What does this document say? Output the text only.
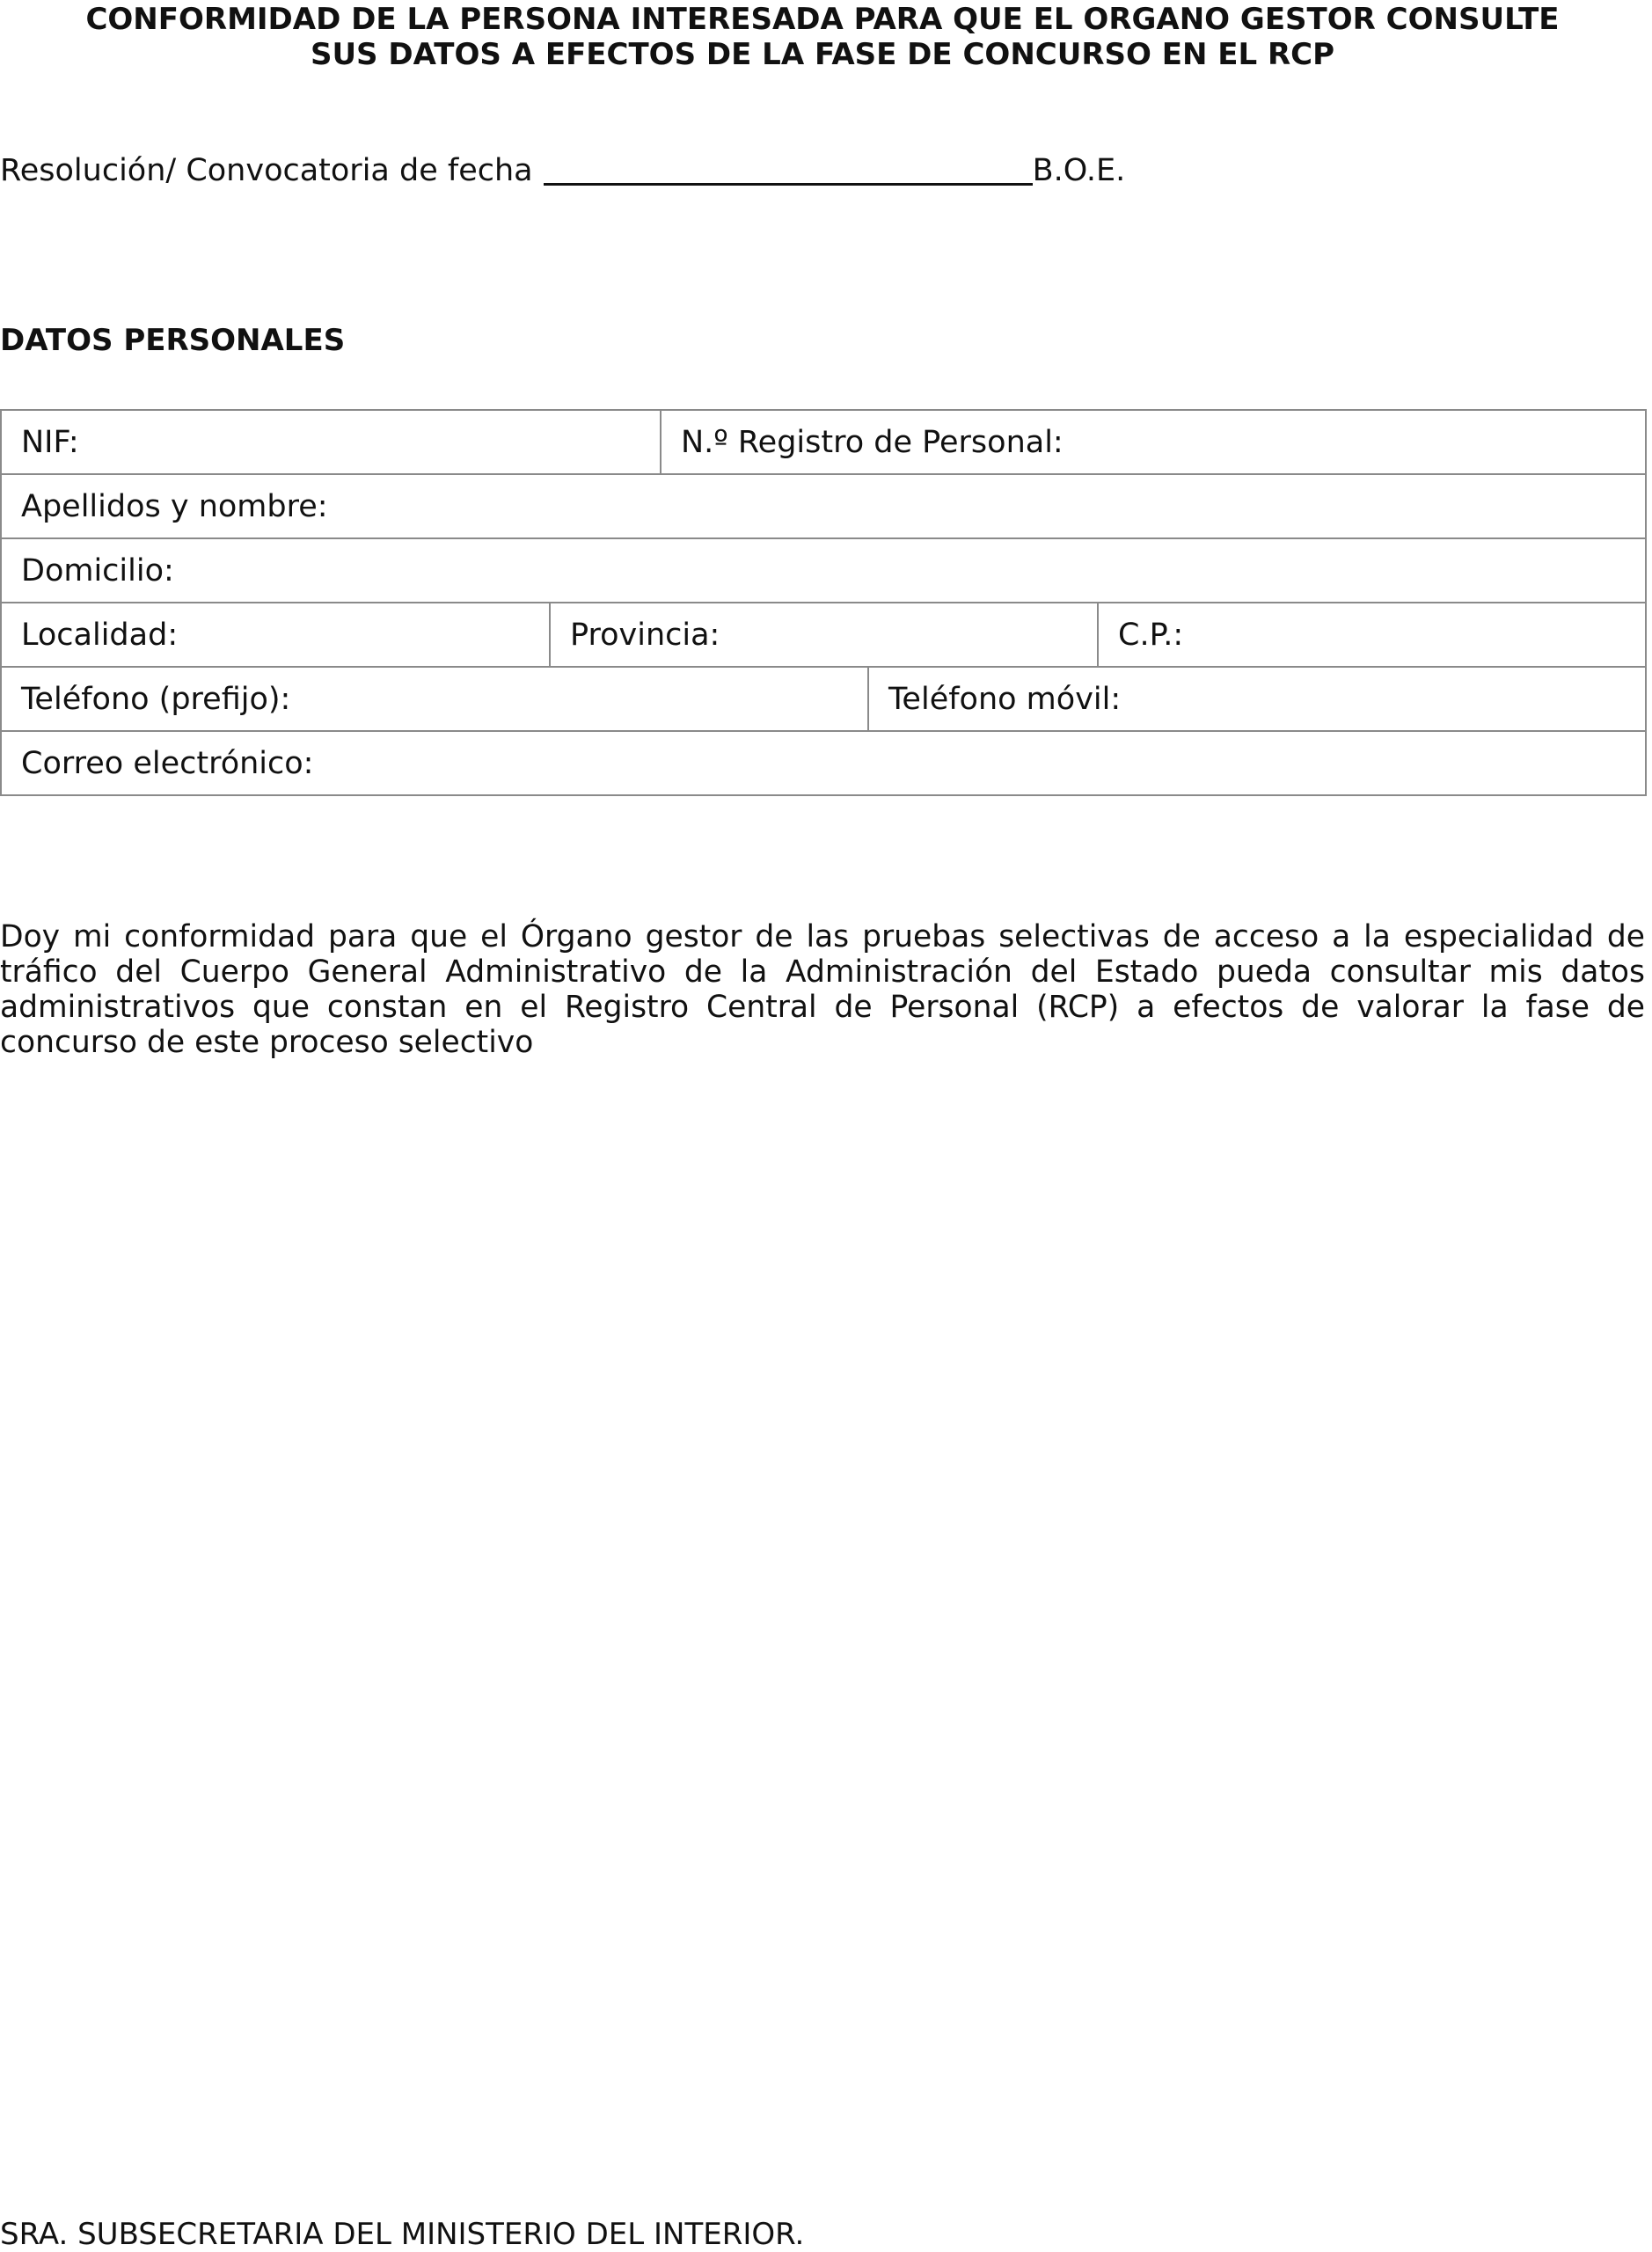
CONFORMIDAD DE LA PERSONA INTERESADA PARA QUE EL ORGANO GESTOR CONSULTE
SUS DATOS A EFECTOS DE LA FASE DE CONCURSO EN EL RCP
Resolución/ Convocatoria de fecha	B.O.E.
DATOS PERSONALES
NIF:		N.º Registro de Personal:		
Apellidos y nombre:				
Domicilio:				
Localidad:	Provincia:			C.P.:
Teléfono (prefijo):			Teléfono móvil:	
Correo electrónico:				
Doy mi conformidad para que el Órgano gestor de las pruebas selectivas de acceso a la especialidad de tráfico del Cuerpo General Administrativo de la Administración del Estado pueda consultar mis datos administrativos que constan en el Registro Central de Personal (RCP) a efectos de valorar la fase de concurso de este proceso selectivo
SRA. SUBSECRETARIA DEL MINISTERIO DEL INTERIOR.
